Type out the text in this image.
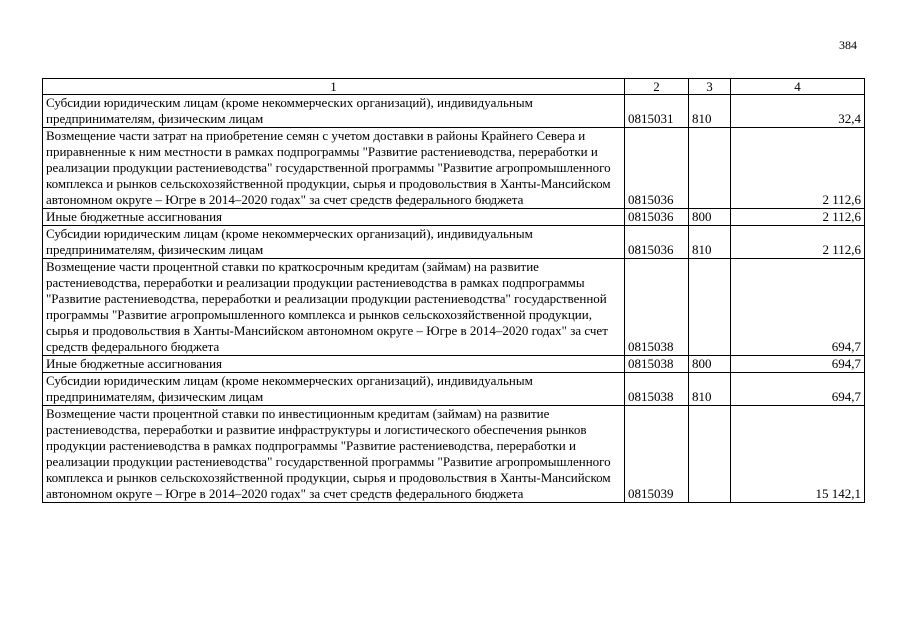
384
1	2	3	4
Субсидии юридическим лицам (кроме некоммерческих организаций), индивидуальным предпринимателям, физическим лицам	0815031	810	32,4
Возмещение части затрат на приобретение семян с учетом доставки в районы Крайнего Севера и приравненные к ним местности в рамках подпрограммы "Развитие растениеводства, переработки и реализации продукции растениеводства" государственной программы "Развитие агропромышленного комплекса и рынков сельскохозяйственной продукции, сырья и продовольствия в Ханты-Мансийском автономном округе – Югре в 2014–2020 годах" за счет средств федерального бюджета	0815036		2 112,6
Иные бюджетные ассигнования	0815036	800	2 112,6
Субсидии юридическим лицам (кроме некоммерческих организаций), индивидуальным предпринимателям, физическим лицам	0815036	810	2 112,6
Возмещение части процентной ставки по краткосрочным кредитам (займам) на развитие растениеводства, переработки и реализации продукции растениеводства в рамках подпрограммы "Развитие растениеводства, переработки и реализации продукции растениеводства" государственной программы "Развитие агропромышленного комплекса и рынков сельскохозяйственной продукции, сырья и продовольствия в Ханты-Мансийском автономном округе – Югре в 2014–2020 годах" за счет средств федерального бюджета	0815038		694,7
Иные бюджетные ассигнования	0815038	800	694,7
Субсидии юридическим лицам (кроме некоммерческих организаций), индивидуальным предпринимателям, физическим лицам	0815038	810	694,7
Возмещение части процентной ставки по инвестиционным кредитам (займам) на развитие растениеводства, переработки и развитие инфраструктуры и логистического обеспечения рынков продукции растениеводства в рамках подпрограммы "Развитие растениеводства, переработки и реализации продукции растениеводства" государственной программы "Развитие агропромышленного комплекса и рынков сельскохозяйственной продукции, сырья и продовольствия в Ханты-Мансийском автономном округе – Югре в 2014–2020 годах" за счет средств федерального бюджета	0815039		15 142,1
